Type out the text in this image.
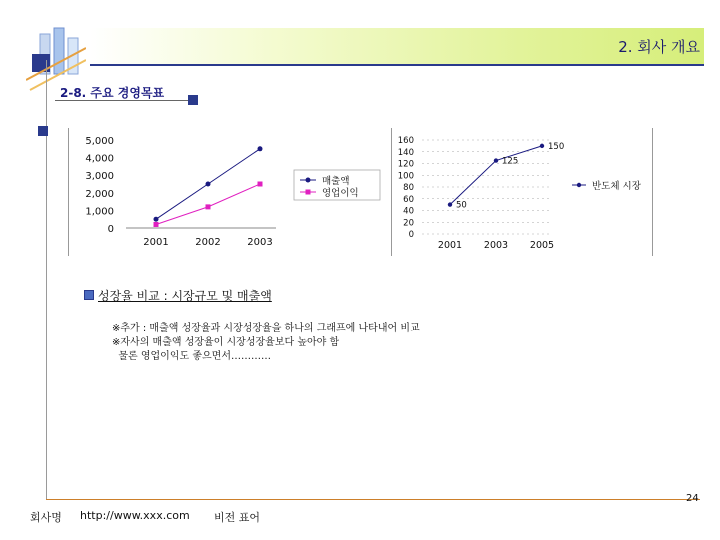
2. 회사 개요
2-8. 주요 경영목표
0
1,000
2,000
3,000
4,000
5,000
2001	2002	2003
매출액
영업이익
0
20
40
60
80
100
120
140
160
2001 2003 2005
50
125
150
반도체 시장
성장율 비교 : 시장규모 및 매출액
※추가 : 매출액 성장율과 시장성장율을 하나의 그래프에 나타내어 비교
※자사의 매출액 성장율이 시장성장율보다 높아야 함
물론 영업이익도 좋으면서…………
회사명 http://www.xxx.com 비전 표어
24
